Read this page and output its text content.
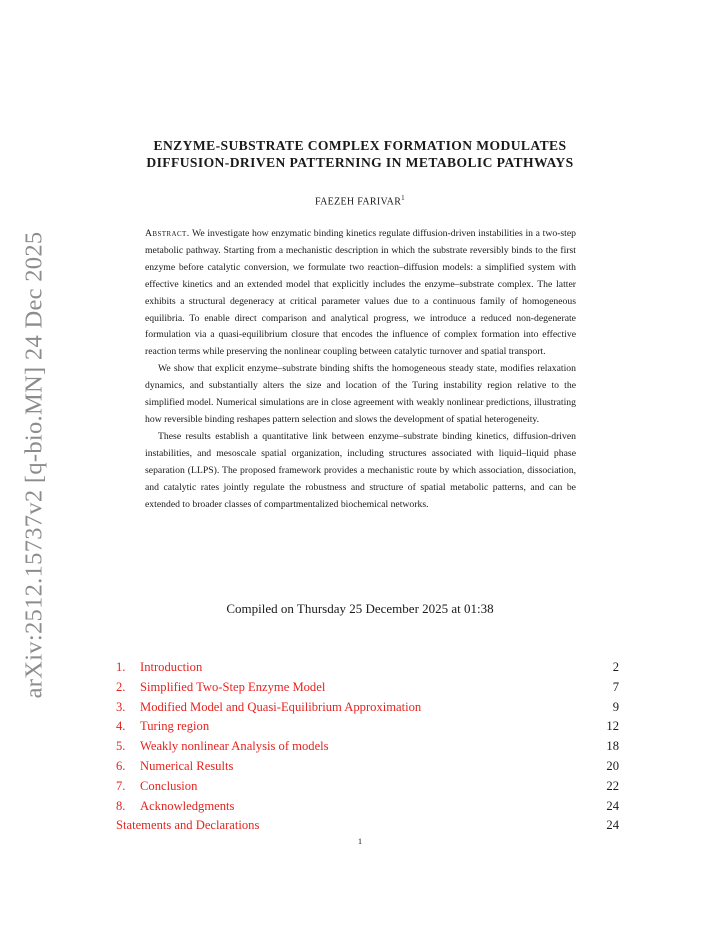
arXiv:2512.15737v2 [q-bio.MN] 24 Dec 2025
ENZYME-SUBSTRATE COMPLEX FORMATION MODULATES
DIFFUSION-DRIVEN PATTERNING IN METABOLIC PATHWAYS
FAEZEH FARIVAR$^1$

Abstract. We investigate how enzymatic binding kinetics regulate diffusion-driven instabilities in a two-step metabolic pathway. Starting from a mechanistic description in which the substrate reversibly binds to the first enzyme before catalytic conversion, we formulate two reaction–diffusion models: a simplified system with effective kinetics and an extended model that explicitly includes the enzyme–substrate complex. The latter exhibits a structural degeneracy at critical parameter values due to a continuous family of homogeneous equilibria. To enable direct comparison and analytical progress, we introduce a reduced non-degenerate formulation via a quasi-equilibrium closure that encodes the influence of complex formation into effective reaction terms while preserving the nonlinear coupling between catalytic turnover and spatial transport.

We show that explicit enzyme–substrate binding shifts the homogeneous steady state, modifies relaxation dynamics, and substantially alters the size and location of the Turing instability region relative to the simplified model. Numerical simulations are in close agreement with weakly nonlinear predictions, illustrating how reversible binding reshapes pattern selection and slows the development of spatial heterogeneity.

These results establish a quantitative link between enzyme–substrate binding kinetics, diffusion-driven instabilities, and mesoscale spatial organization, including structures associated with liquid–liquid phase separation (LLPS). The proposed framework provides a mechanistic route by which association, dissociation, and catalytic rates jointly regulate the robustness and structure of spatial metabolic patterns, and can be extended to broader classes of compartmentalized biochemical networks.

Compiled on Thursday 25 December 2025 at 01:38
1. Introduction	2
2. Simplified Two-Step Enzyme Model	7
3. Modified Model and Quasi-Equilibrium Approximation	9
4. Turing region	12
5. Weakly nonlinear Analysis of models	18
6. Numerical Results	20
7. Conclusion	22
8. Acknowledgments	24
Statements and Declarations	24
1
